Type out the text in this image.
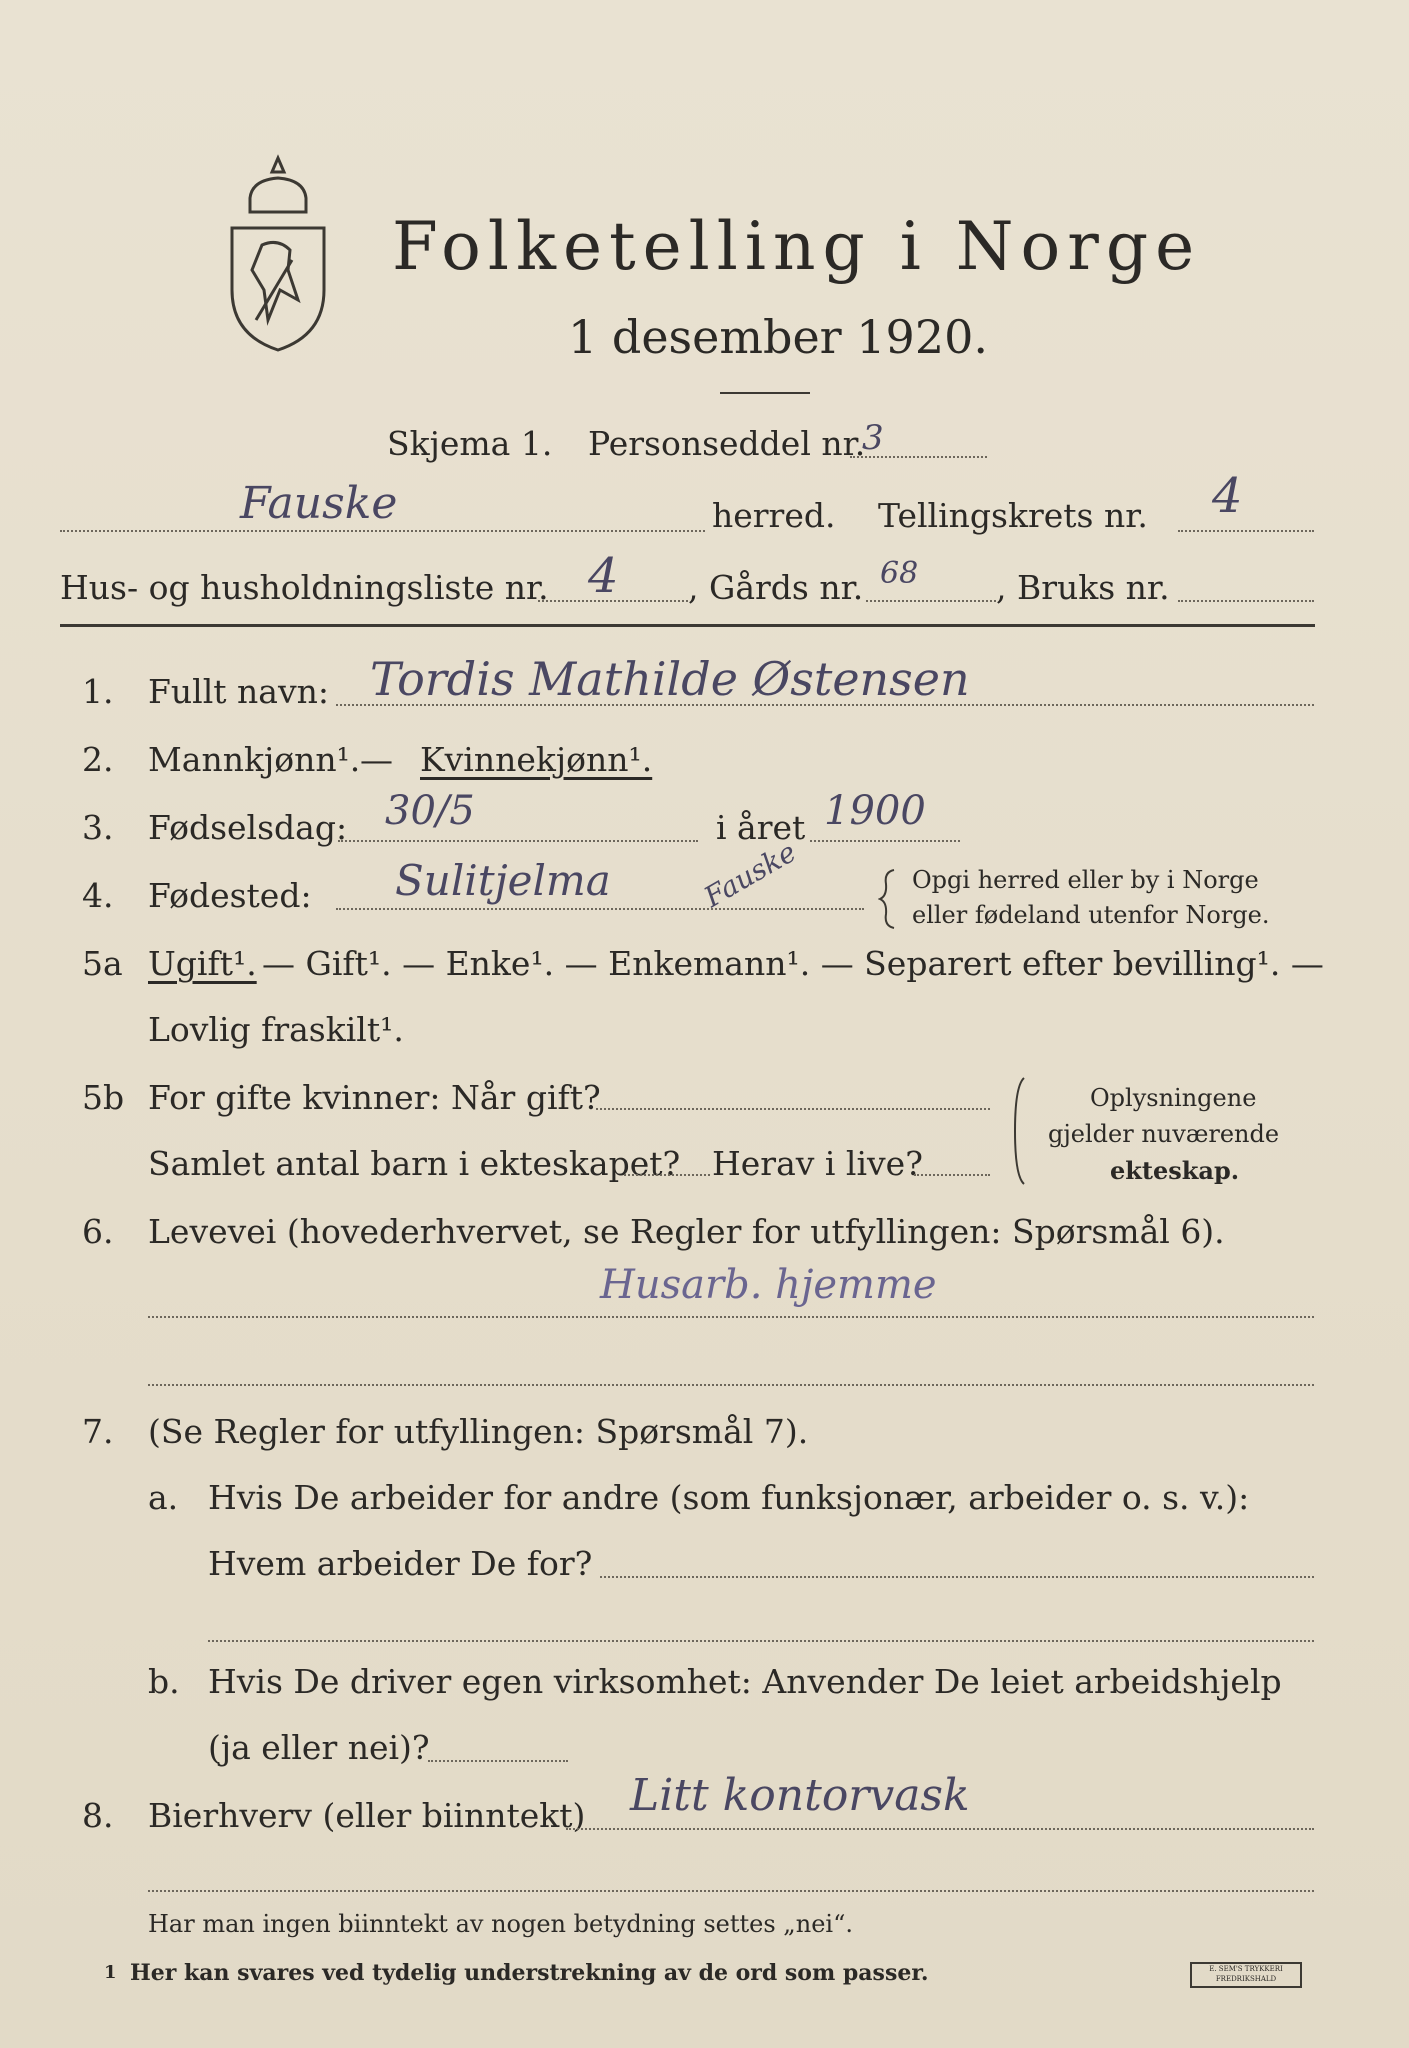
Folketelling i Norge
1 desember 1920.
Skjema 1. Personseddel nr.
3
Fauske	herred. Tellingskrets nr. 4
Hus- og husholdningsliste nr. 4 , Gårds nr. 68 , Bruks nr.
1. Fullt navn: Tordis Mathilde Østensen
2. Mannkjønn¹. — Kvinnekjønn¹.
3. Fødselsdag: 30/5	i året 1900
4. Fødested: Sulitjelma	Fauske	Opgi herred eller by i Norge
eller fødeland utenfor Norge.
5a Ugift¹. — Gift¹. — Enke¹. — Enkemann¹. — Separert efter bevilling¹. —
Lovlig fraskilt¹.
5b For gifte kvinner: Når gift?
Samlet antal barn i ekteskapet? Herav i live?
Oplysningene
gjelder nuværende
ekteskap.
6. Levevei (hovederhvervet, se Regler for utfyllingen: Spørsmål 6).
Husarb. hjemme
7. (Se Regler for utfyllingen: Spørsmål 7).
a. Hvis De arbeider for andre (som funksjonær, arbeider o. s. v.):
Hvem arbeider De for?
b. Hvis De driver egen virksomhet: Anvender De leiet arbeidshjelp
(ja eller nei)?
8. Bierhverv (eller biinntekt) Litt kontorvask
Har man ingen biinntekt av nogen betydning settes „nei“.
1 Her kan svares ved tydelig understrekning av de ord som passer.	E. SEM'S TRYKKERI FREDRIKSHALD
